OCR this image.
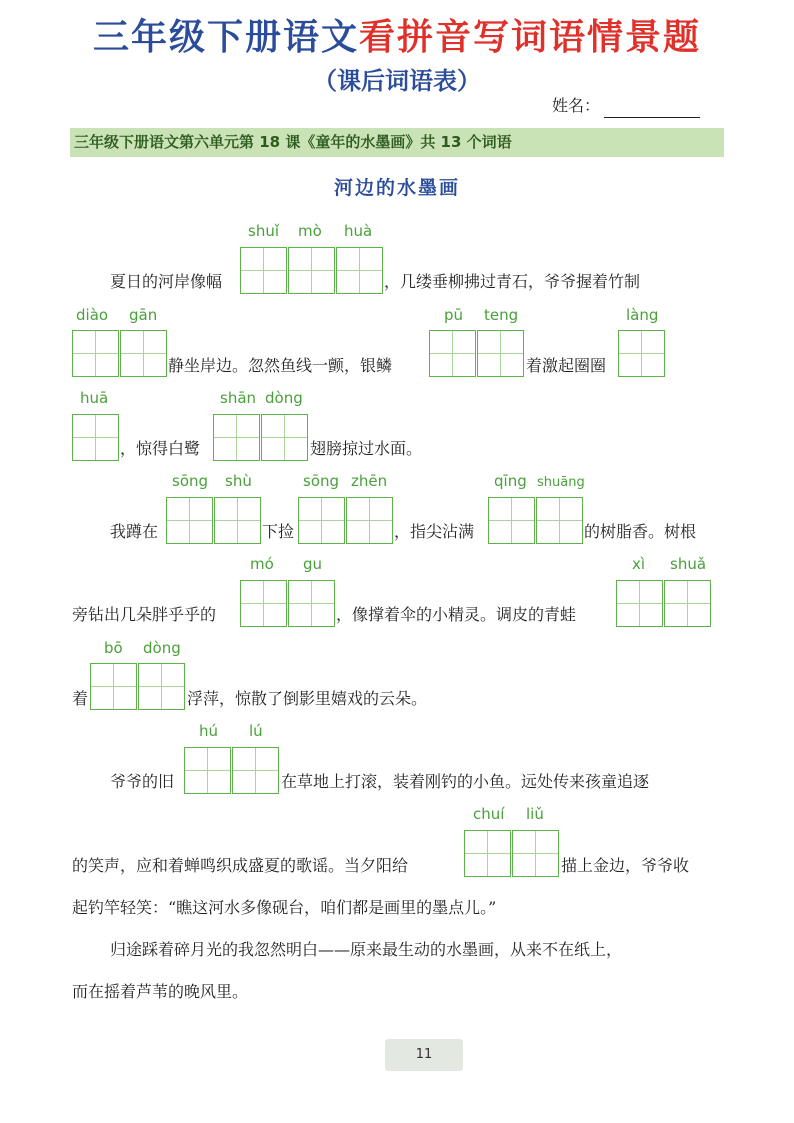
三年级下册语文看拼音写词语情景题
（课后词语表）
姓名：
三年级下册语文第六单元第 18 课《童年的水墨画》共 13 个词语
河边的水墨画
shuǐ mò huà
夏日的河岸像幅	，几缕垂柳拂过青石，爷爷握着竹制
diào gān	pū teng	làng
静坐岸边。忽然鱼线一颤，银鳞	着激起圈圈
huā	shān dòng
，惊得白鹭	翅膀掠过水面。
sōng shù	sōng zhēn	qīng shuāng
我蹲在	下捡	，指尖沾满	的树脂香。树根
mó gu	xì shuǎ
旁钻出几朵胖乎乎的	，像撑着伞的小精灵。调皮的青蛙
bō dòng
着	浮萍，惊散了倒影里嬉戏的云朵。
hú lú
爷爷的旧	在草地上打滚，装着刚钓的小鱼。远处传来孩童追逐
chuí liǔ
的笑声，应和着蝉鸣织成盛夏的歌谣。当夕阳给	描上金边，爷爷收
起钓竿轻笑：“瞧这河水多像砚台，咱们都是画里的墨点儿。”
归途踩着碎月光的我忽然明白——原来最生动的水墨画，从来不在纸上，
而在摇着芦苇的晚风里。
11
